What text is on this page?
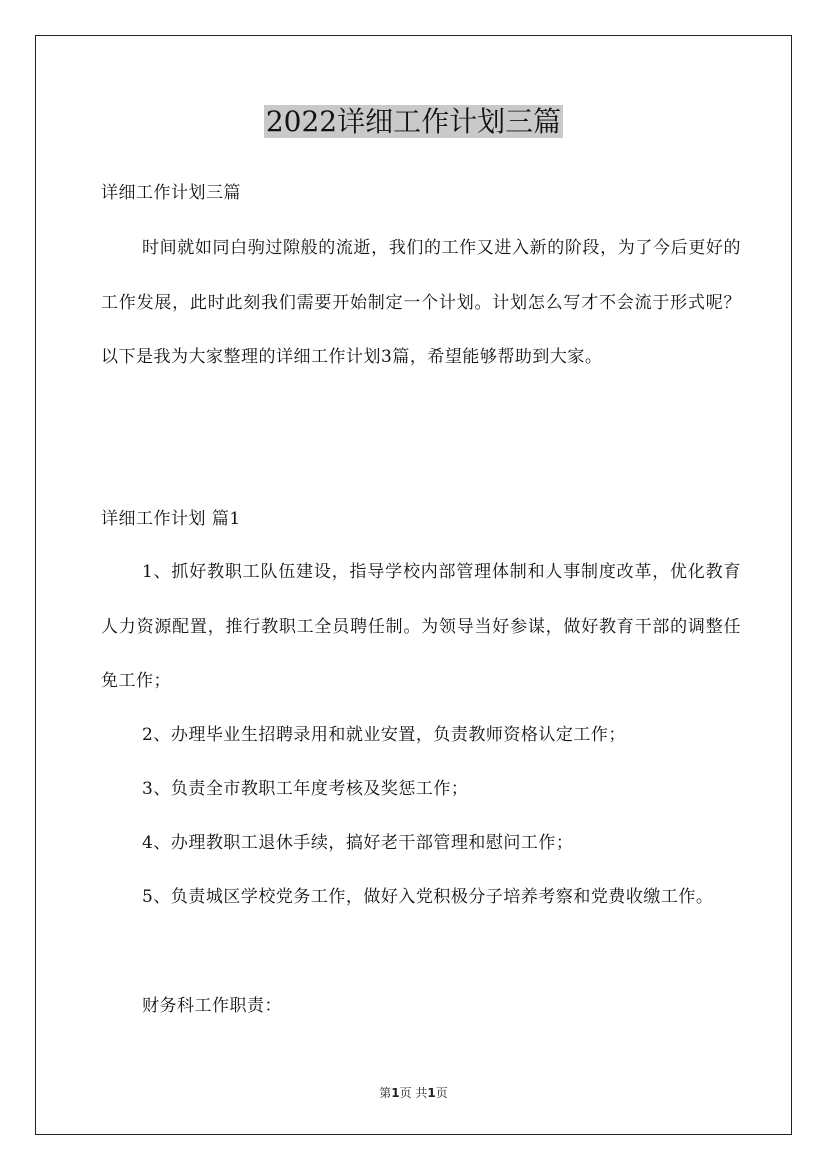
2022详细工作计划三篇

详细工作计划三篇

时间就如同白驹过隙般的流逝，我们的工作又进入新的阶段，为了今后更好的工作发展，此时此刻我们需要开始制定一个计划。计划怎么写才不会流于形式呢？以下是我为大家整理的详细工作计划3篇，希望能够帮助到大家。

详细工作计划 篇1

1、抓好教职工队伍建设，指导学校内部管理体制和人事制度改革，优化教育人力资源配置，推行教职工全员聘任制。为领导当好参谋，做好教育干部的调整任免工作；

2、办理毕业生招聘录用和就业安置，负责教师资格认定工作；

3、负责全市教职工年度考核及奖惩工作；

4、办理教职工退休手续，搞好老干部管理和慰问工作；

5、负责城区学校党务工作，做好入党积极分子培养考察和党费收缴工作。

财务科工作职责：

第1页 共1页
